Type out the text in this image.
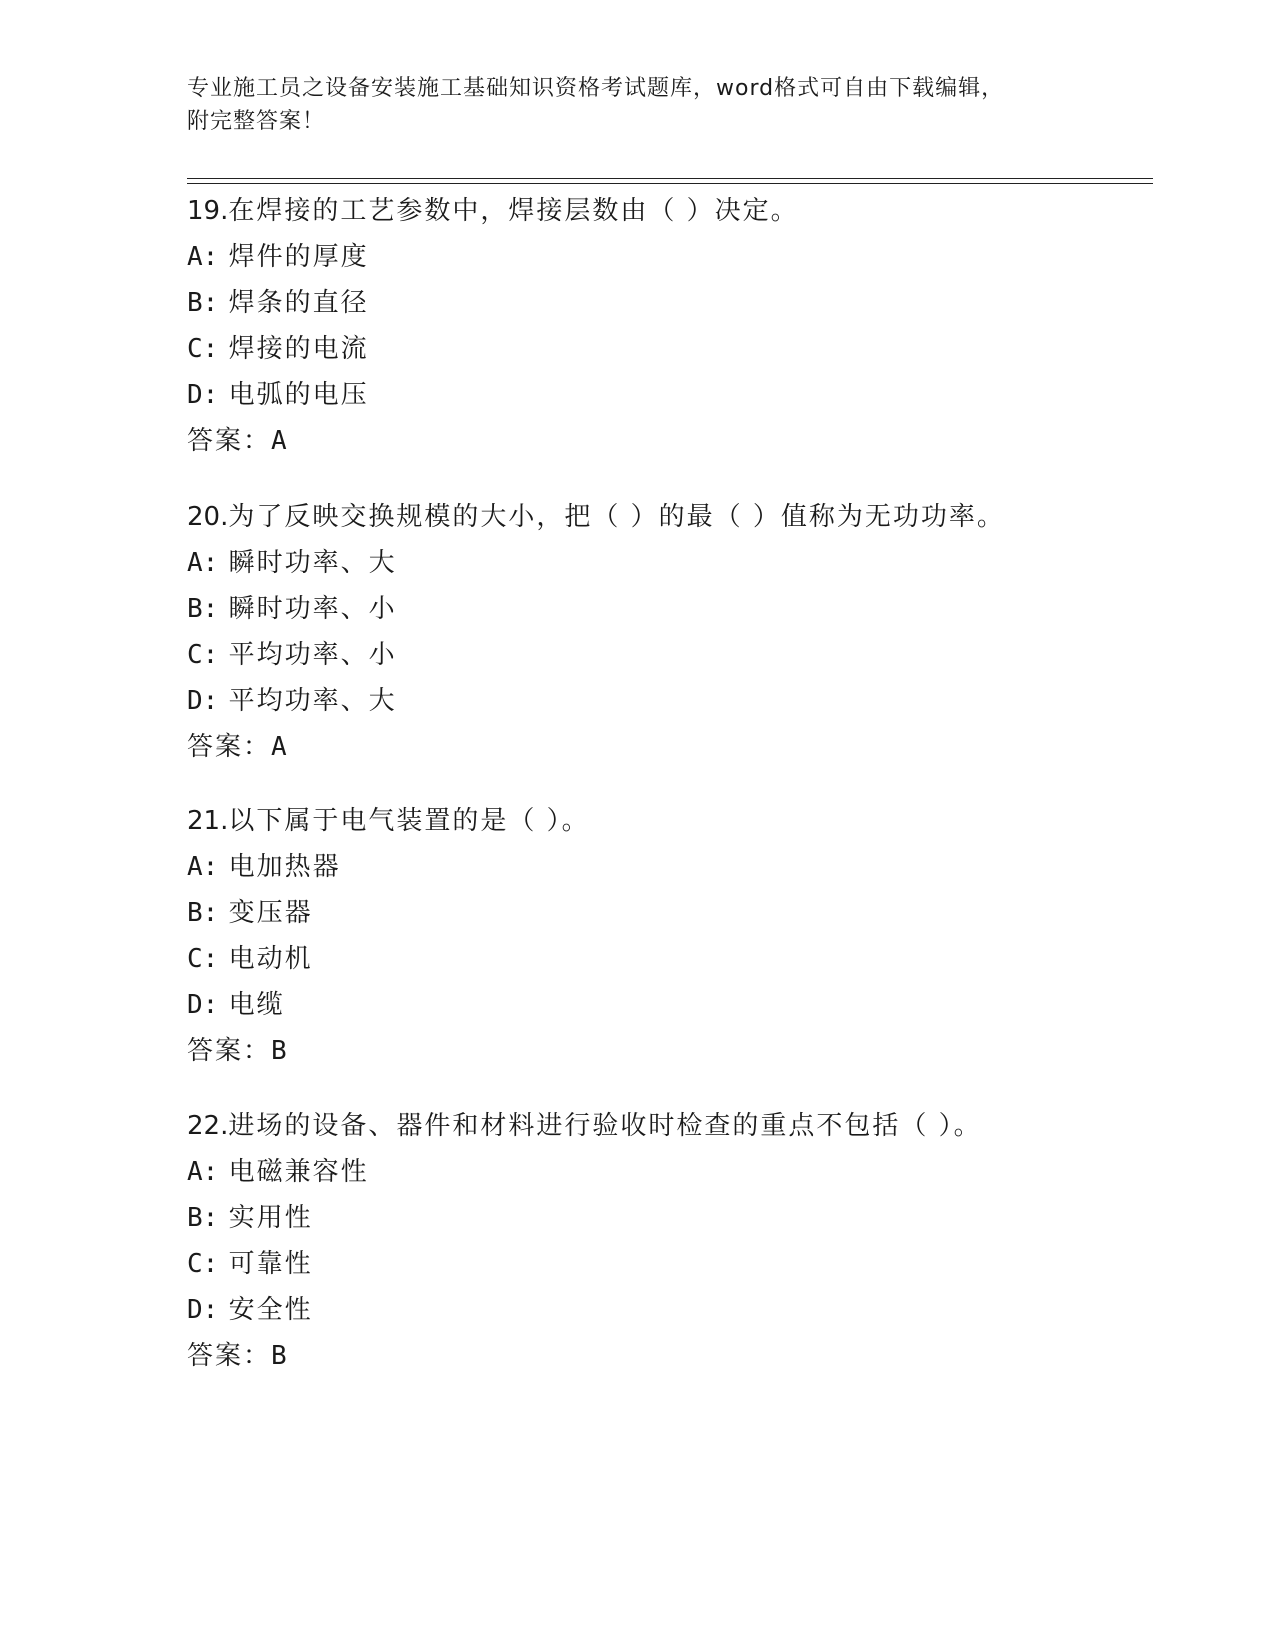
专业施工员之设备安装施工基础知识资格考试题库，word格式可自由下载编辑，
附完整答案！
19.在焊接的工艺参数中，焊接层数由（ ）决定。
A: 焊件的厚度
B: 焊条的直径
C: 焊接的电流
D: 电弧的电压
答案：A
20.为了反映交换规模的大小，把（ ）的最（ ）值称为无功功率。
A: 瞬时功率、大
B: 瞬时功率、小
C: 平均功率、小
D: 平均功率、大
答案：A
21.以下属于电气装置的是（ ）。
A: 电加热器
B: 变压器
C: 电动机
D: 电缆
答案：B
22.进场的设备、器件和材料进行验收时检查的重点不包括（ ）。
A: 电磁兼容性
B: 实用性
C: 可靠性
D: 安全性
答案：B
